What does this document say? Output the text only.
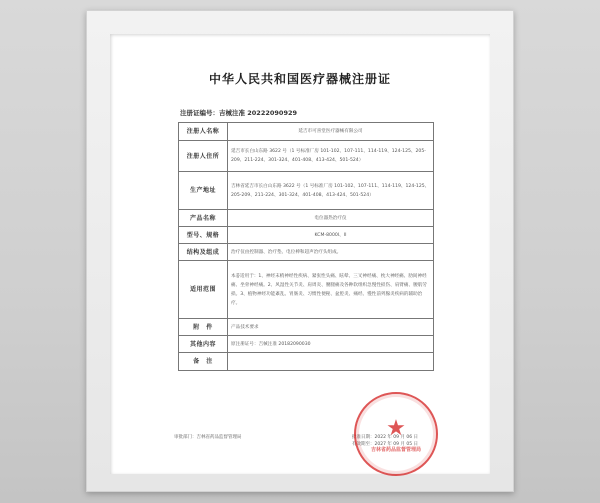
中华人民共和国医疗器械注册证
注册证编号：吉械注准 20222090929
注册人名称	延吉市可喜堂医疗器械有限公司
注册人住所	延吉市长白山东路 3622 号（1 号标准厂房 101-102、107-111、114-119、124-125、205-209、211-224、301-324、401-408、413-424、501-524）
生产地址	吉林省延吉市长白山东路 3622 号（1 号标准厂房 101-102、107-111、114-119、124-125、205-209、211-224、301-324、401-408、413-424、501-524）
产品名称	电位器热治疗仪
型号、规格	KCM-8000I、II
结构及组成	治疗仪由控制器、治疗垫、电位棒和超声治疗头组成。
适用范围	本품适用于：1、神经末梢神经性疾病、紧张性头痛、眩晕、三叉神经痛、枕大神经痛、肋间神经痛、坐骨神经痛。2、风湿性关节炎、肩周炎、腰腿痛及各种软组织急慢性损伤、肩臂痛、腰肌劳损。3、植物神经功能紊乱、胃肠炎、习惯性便秘、盆腔炎、痛经、慢性前列腺炎疾病的辅助治疗。
附　件	产品技术要求
其他内容	原注册证号：吉械注准 20182090030
备　注	
审批部门：吉林省药品监督管理局	批准日期：2022 年 09 月 06 日
有效期至：2027 年 09 月 05 日
★
吉林省药品监督管理局
